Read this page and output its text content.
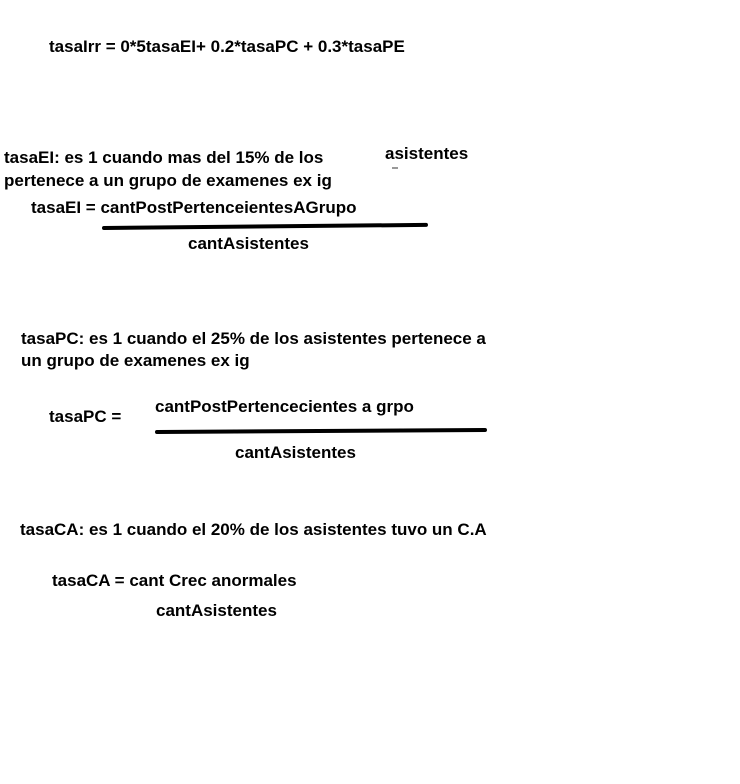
tasaIrr = 0*5tasaEI+ 0.2*tasaPC + 0.3*tasaPE
tasaEI: es 1 cuando mas del 15% de los	asistentes
pertenece a un grupo de examenes ex ig
tasaEI = cantPostPertenceientesAGrupo
cantAsistentes
tasaPC: es 1 cuando el 25% de los asistentes pertenece a
un grupo de examenes ex ig
cantPostPertencecientes a grpo
tasaPC =
cantAsistentes
tasaCA: es 1 cuando el 20% de los asistentes tuvo un C.A
tasaCA = cant Crec anormales
cantAsistentes
